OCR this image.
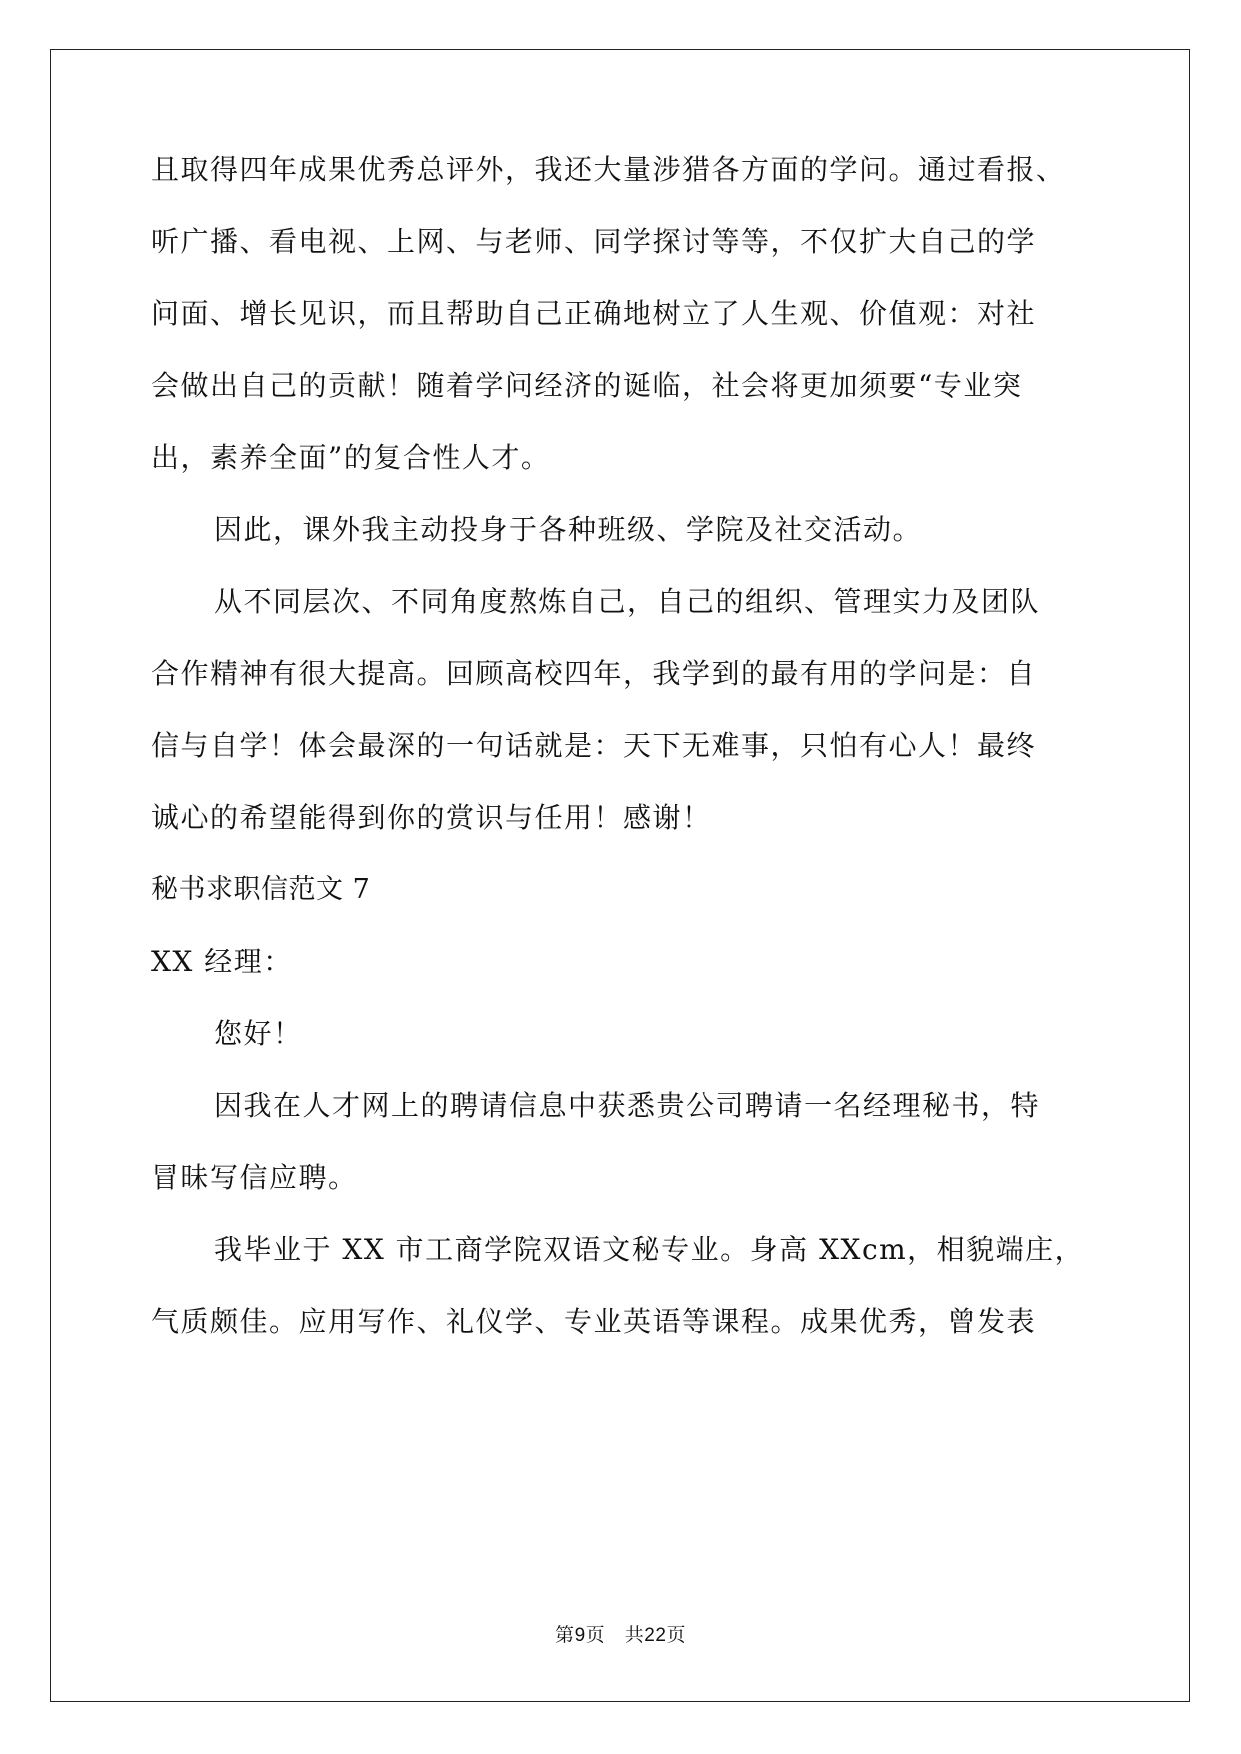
且取得四年成果优秀总评外，我还大量涉猎各方面的学问。通过看报、

听广播、看电视、上网、与老师、同学探讨等等，不仅扩大自己的学

问面、增长见识，而且帮助自己正确地树立了人生观、价值观：对社

会做出自己的贡献！随着学问经济的诞临，社会将更加须要“专业突

出，素养全面”的复合性人才。

因此，课外我主动投身于各种班级、学院及社交活动。

从不同层次、不同角度熬炼自己，自己的组织、管理实力及团队

合作精神有很大提高。回顾高校四年，我学到的最有用的学问是：自

信与自学！体会最深的一句话就是：天下无难事，只怕有心人！最终

诚心的希望能得到你的赏识与任用！感谢！

秘书求职信范文 7

XX 经理：

您好！

因我在人才网上的聘请信息中获悉贵公司聘请一名经理秘书，特

冒昧写信应聘。

我毕业于 XX 市工商学院双语文秘专业。身高 XXcm，相貌端庄，

气质颇佳。应用写作、礼仪学、专业英语等课程。成果优秀，曾发表

第9页 共22页
